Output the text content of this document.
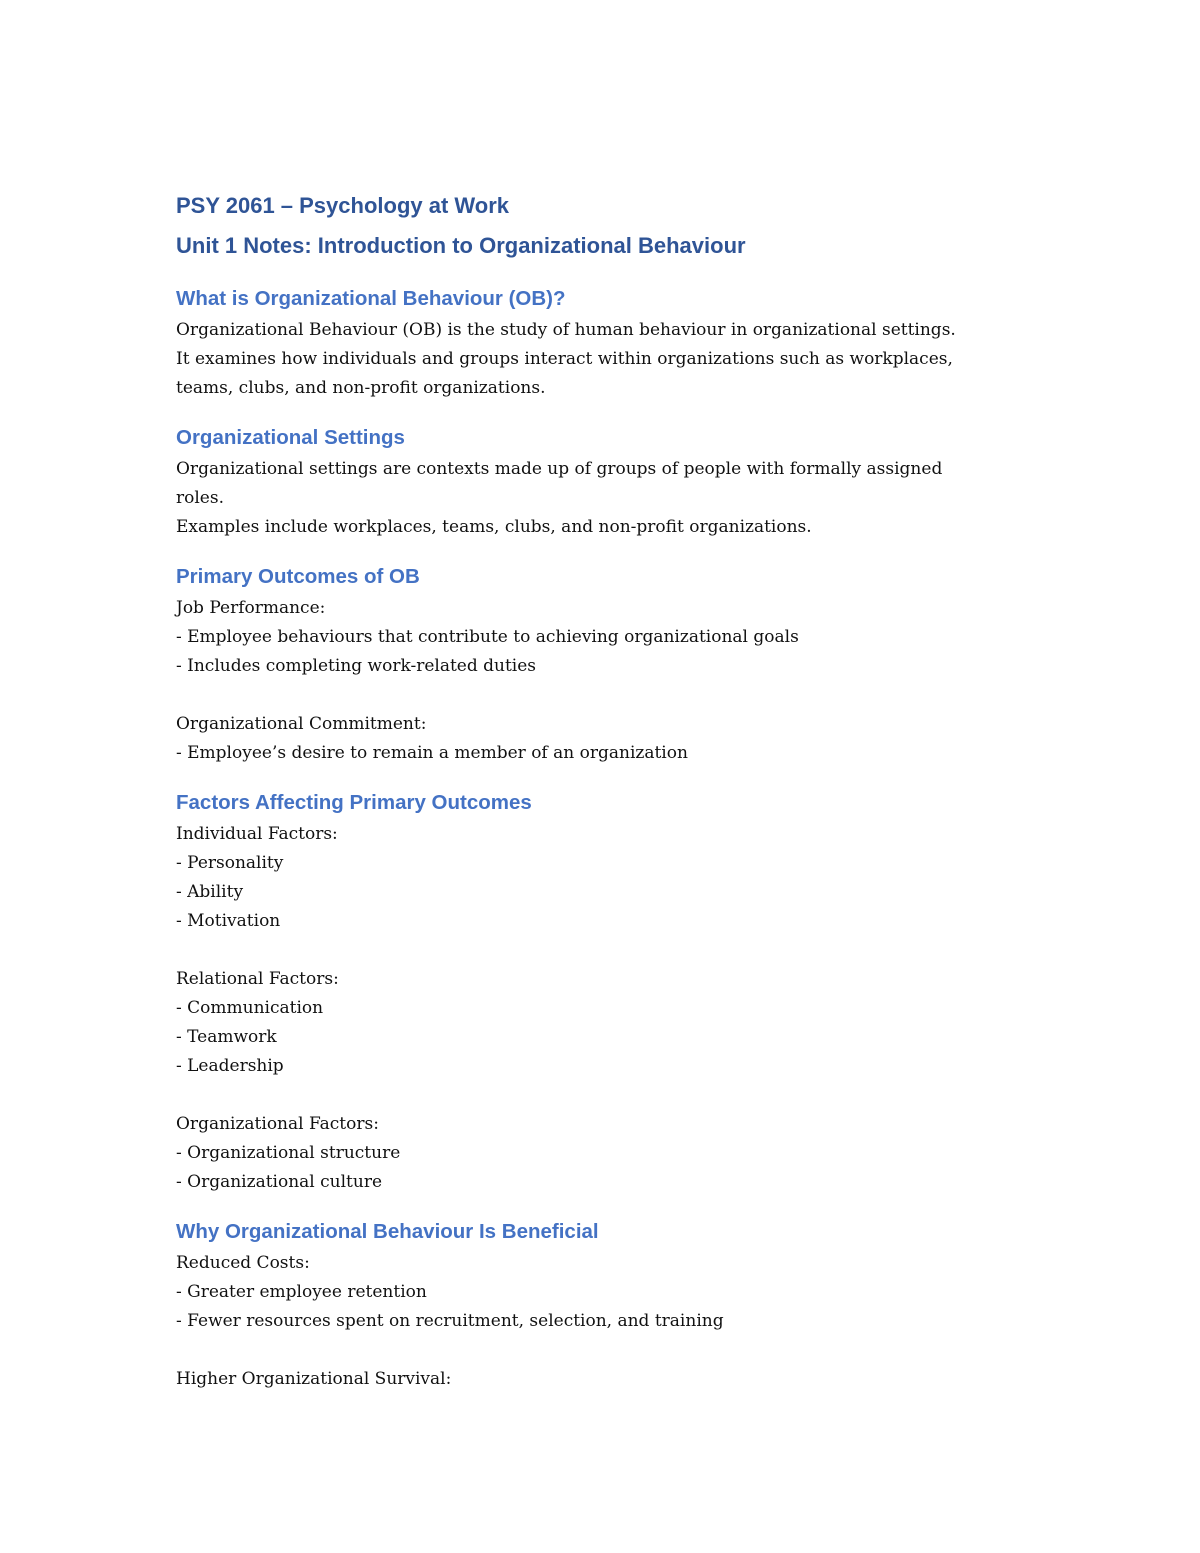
PSY 2061 – Psychology at Work
Unit 1 Notes: Introduction to Organizational Behaviour
What is Organizational Behaviour (OB)?

Organizational Behaviour (OB) is the study of human behaviour in organizational settings.

It examines how individuals and groups interact within organizations such as workplaces,

teams, clubs, and non-profit organizations.

Organizational Settings

Organizational settings are contexts made up of groups of people with formally assigned

roles.

Examples include workplaces, teams, clubs, and non-profit organizations.

Primary Outcomes of OB

Job Performance:

- Employee behaviours that contribute to achieving organizational goals

- Includes completing work-related duties

Organizational Commitment:

- Employee’s desire to remain a member of an organization

Factors Affecting Primary Outcomes

Individual Factors:

- Personality

- Ability

- Motivation

Relational Factors:

- Communication

- Teamwork

- Leadership

Organizational Factors:

- Organizational structure

- Organizational culture

Why Organizational Behaviour Is Beneficial

Reduced Costs:

- Greater employee retention

- Fewer resources spent on recruitment, selection, and training

Higher Organizational Survival:
